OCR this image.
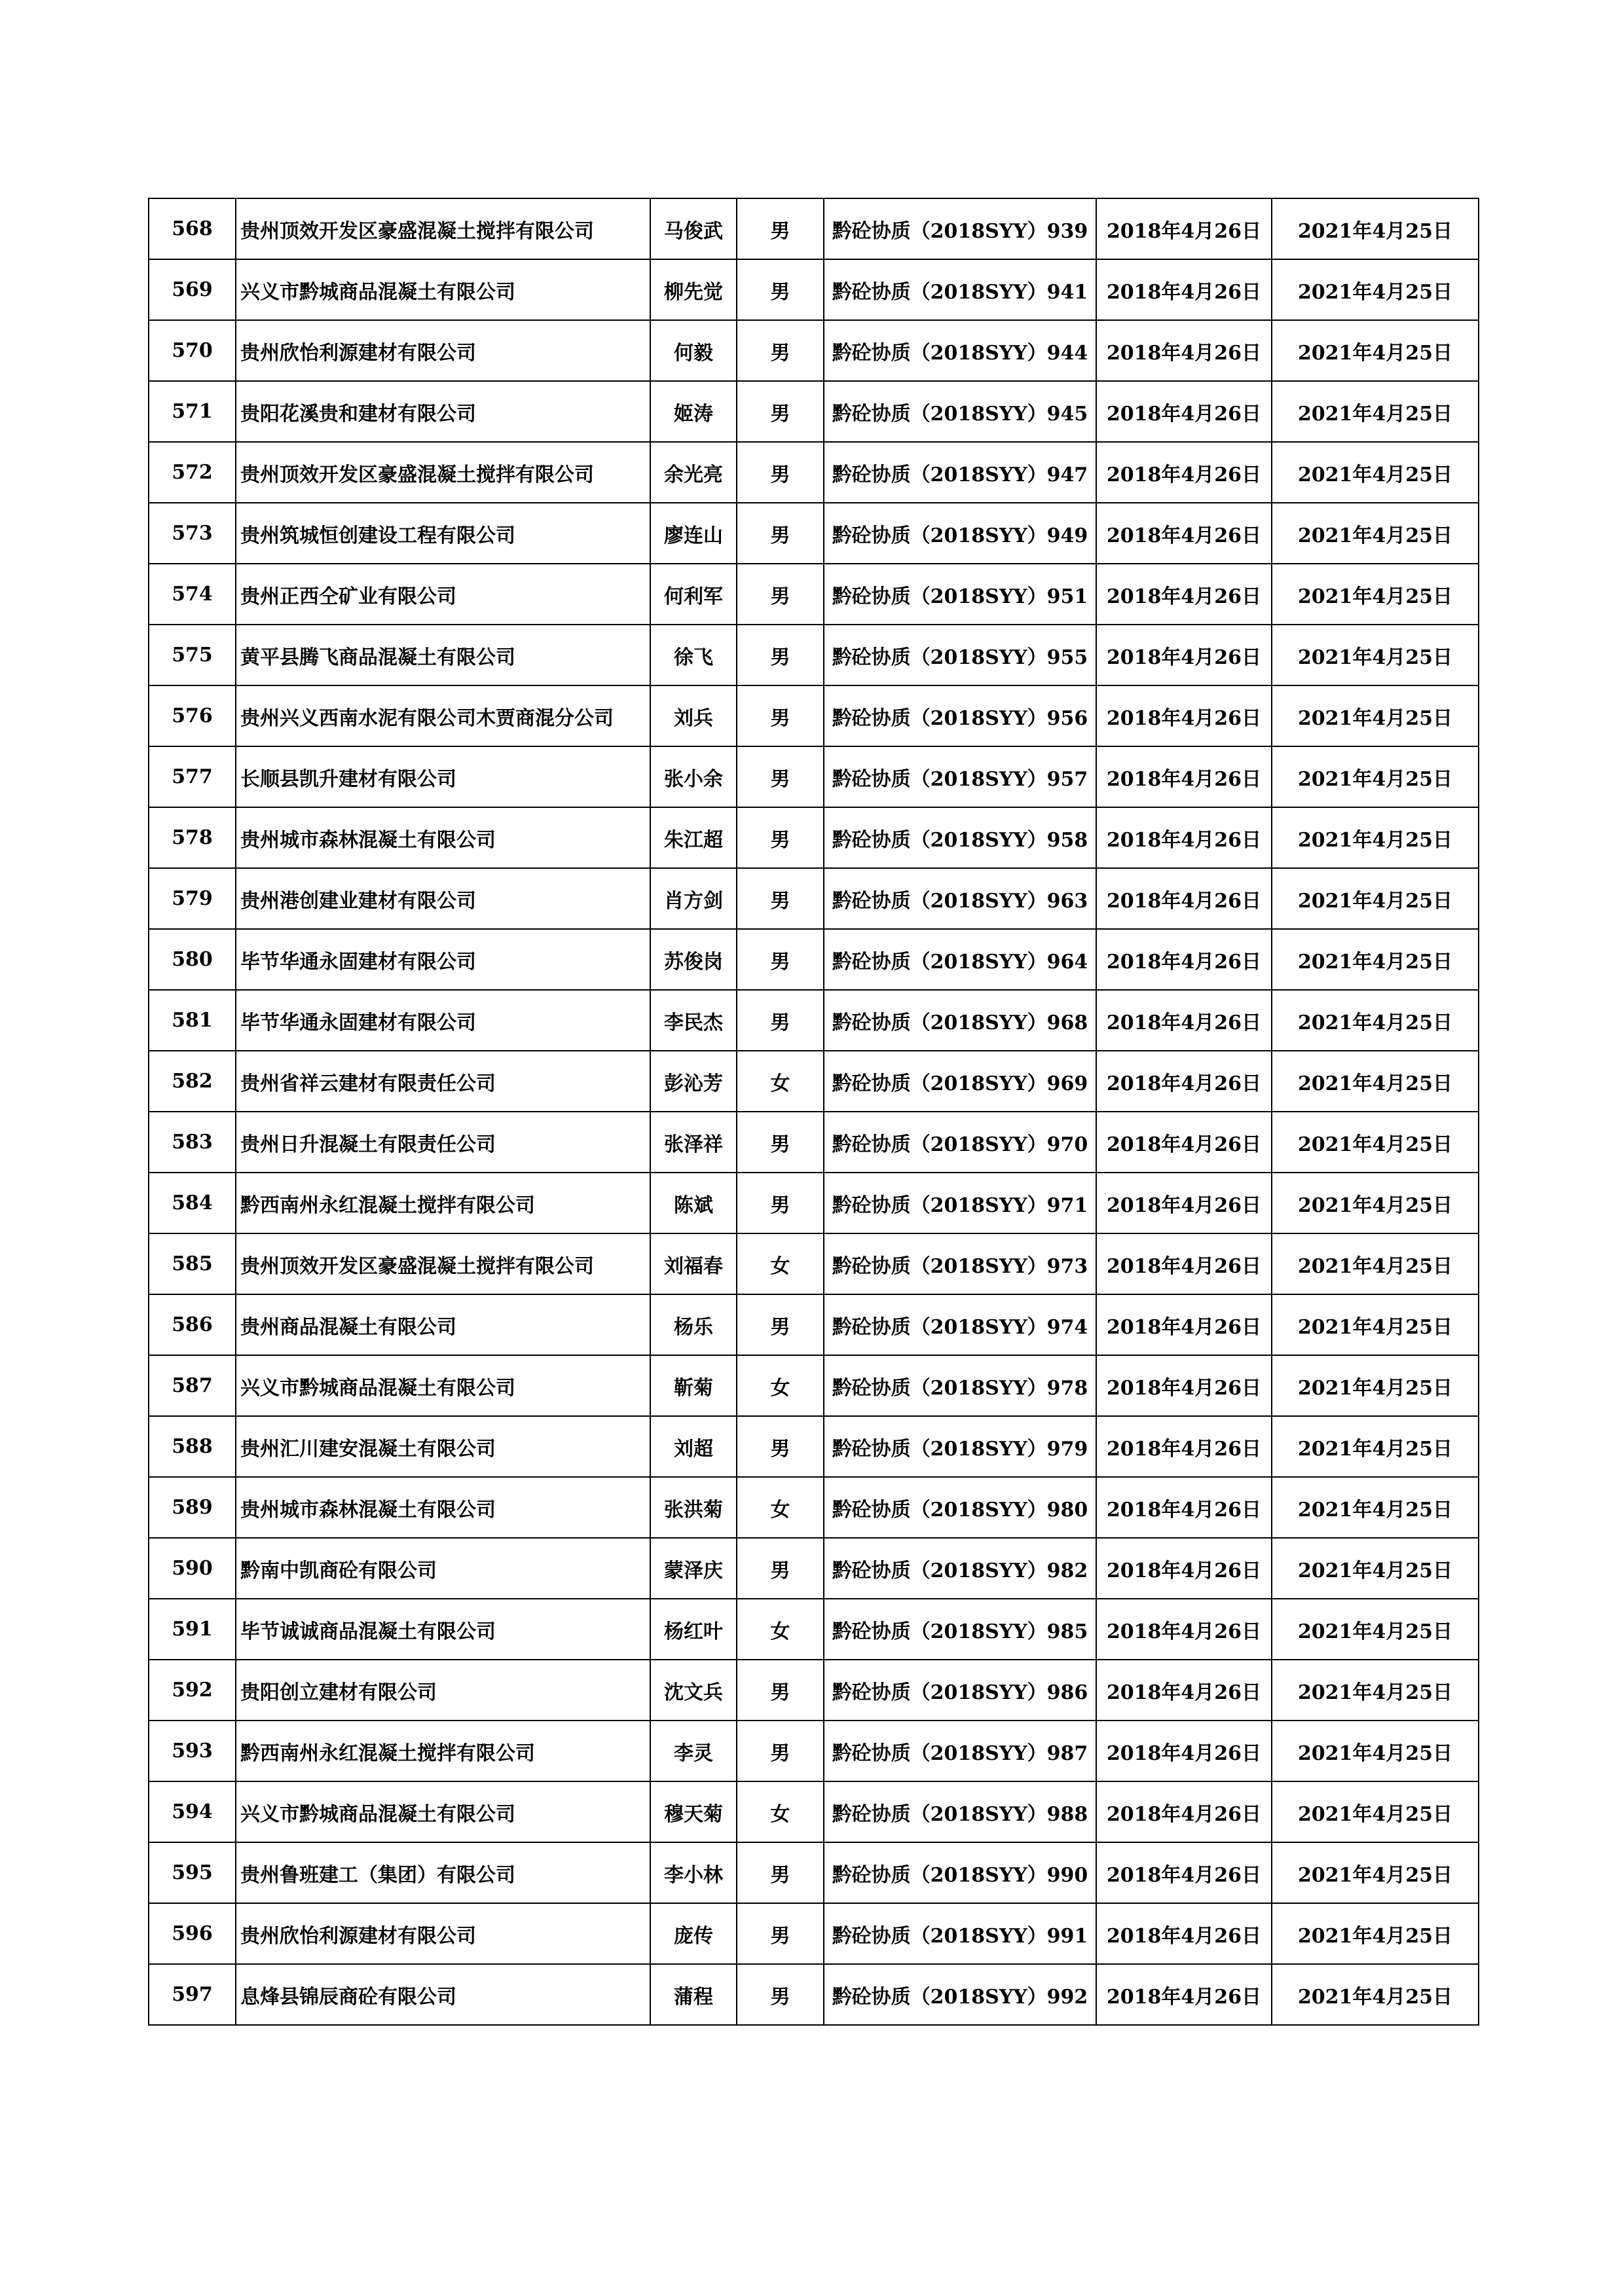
568	贵州顶效开发区豪盛混凝土搅拌有限公司	马俊武	男	黔砼协质（2018SYY）939	2018年4月26日	2021年4月25日
569	兴义市黔城商品混凝土有限公司	柳先觉	男	黔砼协质（2018SYY）941	2018年4月26日	2021年4月25日
570	贵州欣怡利源建材有限公司	何毅	男	黔砼协质（2018SYY）944	2018年4月26日	2021年4月25日
571	贵阳花溪贵和建材有限公司	姬涛	男	黔砼协质（2018SYY）945	2018年4月26日	2021年4月25日
572	贵州顶效开发区豪盛混凝土搅拌有限公司	余光亮	男	黔砼协质（2018SYY）947	2018年4月26日	2021年4月25日
573	贵州筑城恒创建设工程有限公司	廖连山	男	黔砼协质（2018SYY）949	2018年4月26日	2021年4月25日
574	贵州正西仝矿业有限公司	何利军	男	黔砼协质（2018SYY）951	2018年4月26日	2021年4月25日
575	黄平县腾飞商品混凝土有限公司	徐飞	男	黔砼协质（2018SYY）955	2018年4月26日	2021年4月25日
576	贵州兴义西南水泥有限公司木贾商混分公司	刘兵	男	黔砼协质（2018SYY）956	2018年4月26日	2021年4月25日
577	长顺县凯升建材有限公司	张小余	男	黔砼协质（2018SYY）957	2018年4月26日	2021年4月25日
578	贵州城市森林混凝土有限公司	朱江超	男	黔砼协质（2018SYY）958	2018年4月26日	2021年4月25日
579	贵州港创建业建材有限公司	肖方剑	男	黔砼协质（2018SYY）963	2018年4月26日	2021年4月25日
580	毕节华通永固建材有限公司	苏俊岗	男	黔砼协质（2018SYY）964	2018年4月26日	2021年4月25日
581	毕节华通永固建材有限公司	李民杰	男	黔砼协质（2018SYY）968	2018年4月26日	2021年4月25日
582	贵州省祥云建材有限责任公司	彭沁芳	女	黔砼协质（2018SYY）969	2018年4月26日	2021年4月25日
583	贵州日升混凝土有限责任公司	张泽祥	男	黔砼协质（2018SYY）970	2018年4月26日	2021年4月25日
584	黔西南州永红混凝土搅拌有限公司	陈斌	男	黔砼协质（2018SYY）971	2018年4月26日	2021年4月25日
585	贵州顶效开发区豪盛混凝土搅拌有限公司	刘福春	女	黔砼协质（2018SYY）973	2018年4月26日	2021年4月25日
586	贵州商品混凝土有限公司	杨乐	男	黔砼协质（2018SYY）974	2018年4月26日	2021年4月25日
587	兴义市黔城商品混凝土有限公司	靳菊	女	黔砼协质（2018SYY）978	2018年4月26日	2021年4月25日
588	贵州汇川建安混凝土有限公司	刘超	男	黔砼协质（2018SYY）979	2018年4月26日	2021年4月25日
589	贵州城市森林混凝土有限公司	张洪菊	女	黔砼协质（2018SYY）980	2018年4月26日	2021年4月25日
590	黔南中凯商砼有限公司	蒙泽庆	男	黔砼协质（2018SYY）982	2018年4月26日	2021年4月25日
591	毕节诚诚商品混凝土有限公司	杨红叶	女	黔砼协质（2018SYY）985	2018年4月26日	2021年4月25日
592	贵阳创立建材有限公司	沈文兵	男	黔砼协质（2018SYY）986	2018年4月26日	2021年4月25日
593	黔西南州永红混凝土搅拌有限公司	李灵	男	黔砼协质（2018SYY）987	2018年4月26日	2021年4月25日
594	兴义市黔城商品混凝土有限公司	穆天菊	女	黔砼协质（2018SYY）988	2018年4月26日	2021年4月25日
595	贵州鲁班建工（集团）有限公司	李小林	男	黔砼协质（2018SYY）990	2018年4月26日	2021年4月25日
596	贵州欣怡利源建材有限公司	庞传	男	黔砼协质（2018SYY）991	2018年4月26日	2021年4月25日
597	息烽县锦辰商砼有限公司	蒲程	男	黔砼协质（2018SYY）992	2018年4月26日	2021年4月25日
